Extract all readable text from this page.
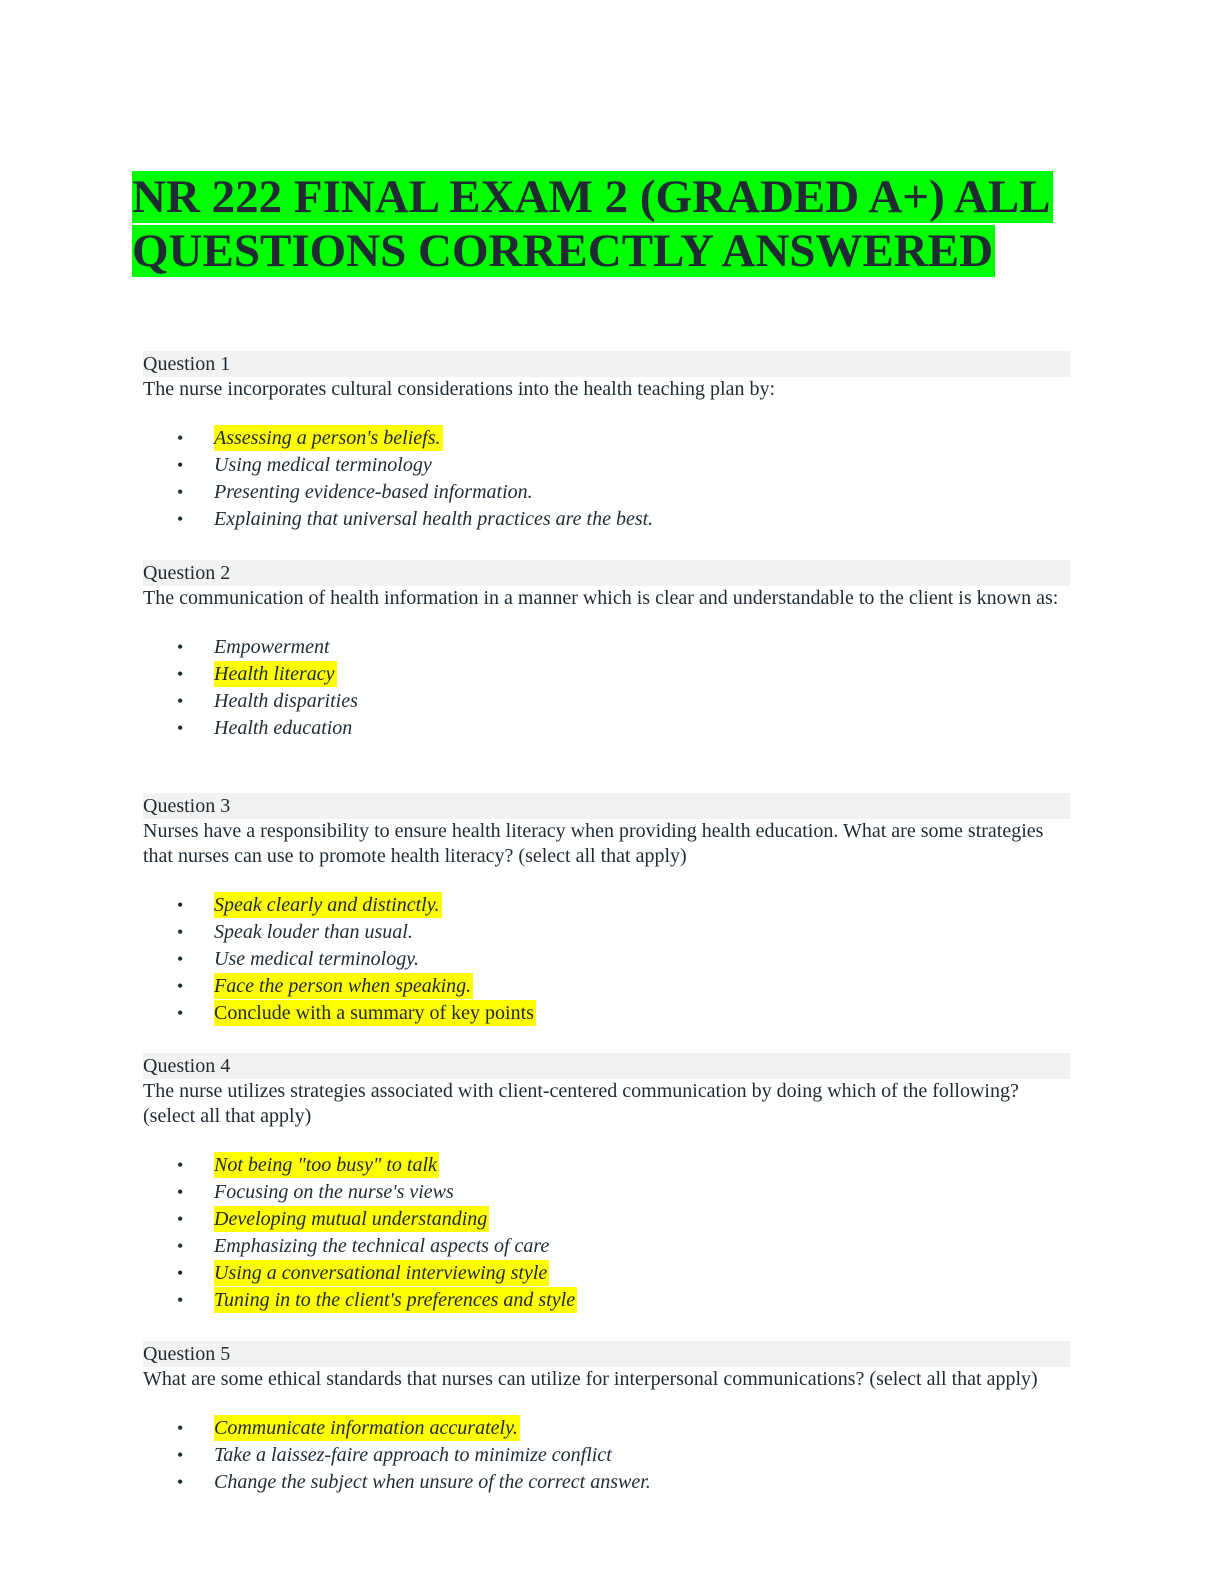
NR 222 FINAL EXAM 2 (GRADED A+) ALL QUESTIONS CORRECTLY ANSWERED
Question 1

The nurse incorporates cultural considerations into the health teaching plan by:

• Assessing a person's beliefs.
• Using medical terminology
• Presenting evidence-based information.
• Explaining that universal health practices are the best.
Question 2

The communication of health information in a manner which is clear and understandable to the client is known as:

• Empowerment
• Health literacy
• Health disparities
• Health education
Question 3

Nurses have a responsibility to ensure health literacy when providing health education. What are some strategies that nurses can use to promote health literacy? (select all that apply)

• Speak clearly and distinctly.
• Speak louder than usual.
• Use medical terminology.
• Face the person when speaking.
• Conclude with a summary of key points
Question 4

The nurse utilizes strategies associated with client-centered communication by doing which of the following? (select all that apply)

• Not being "too busy" to talk
• Focusing on the nurse's views
• Developing mutual understanding
• Emphasizing the technical aspects of care
• Using a conversational interviewing style
• Tuning in to the client's preferences and style
Question 5

What are some ethical standards that nurses can utilize for interpersonal communications? (select all that apply)

• Communicate information accurately.
• Take a laissez-faire approach to minimize conflict
• Change the subject when unsure of the correct answer.
